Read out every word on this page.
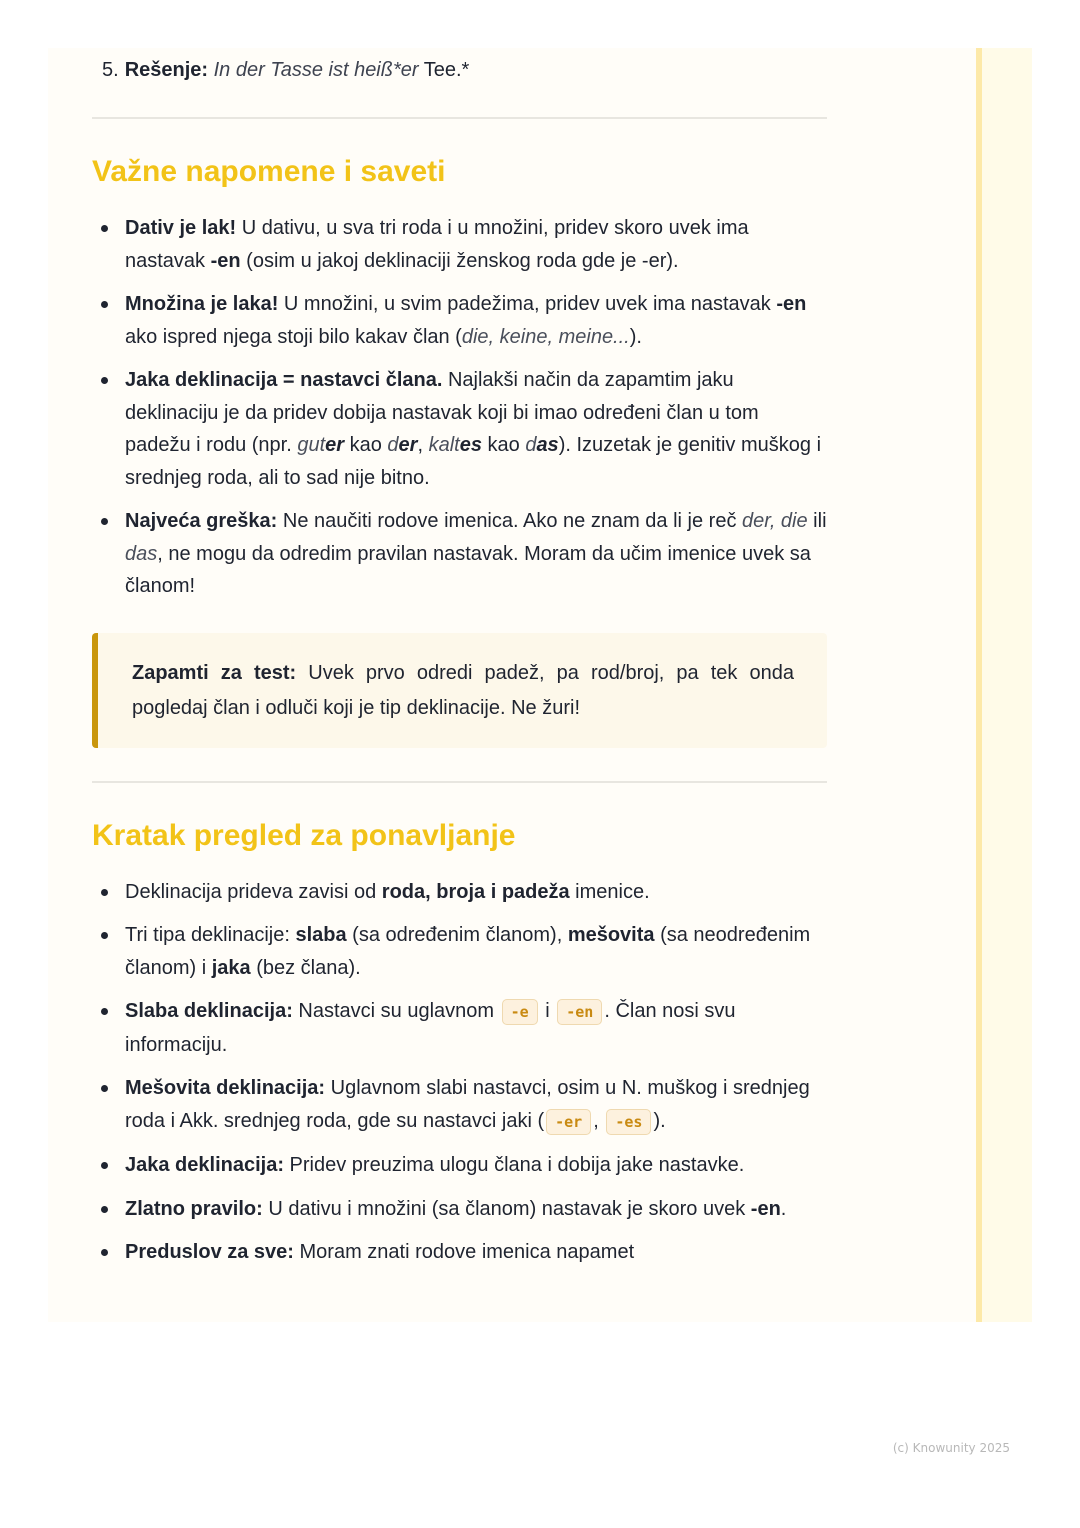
5. Rešenje: In der Tasse ist heiß*er Tee.*

Važne napomene i saveti
Dativ je lak! U dativu, u sva tri roda i u množini, pridev skoro uvek ima nastavak -en (osim u jakoj deklinaciji ženskog roda gde je -er).
Množina je laka! U množini, u svim padežima, pridev uvek ima nastavak -en ako ispred njega stoji bilo kakav član (die, keine, meine...).
Jaka deklinacija = nastavci člana. Najlakši način da zapamtim jaku deklinaciju je da pridev dobija nastavak koji bi imao određeni član u tom padežu i rodu (npr. guter kao der, kaltes kao das). Izuzetak je genitiv muškog i srednjeg roda, ali to sad nije bitno.
Najveća greška: Ne naučiti rodove imenica. Ako ne znam da li je reč der, die ili das, ne mogu da odredim pravilan nastavak. Moram da učim imenice uvek sa članom!
Zapamti za test: Uvek prvo odredi padež, pa rod/broj, pa tek onda pogledaj član i odluči koji je tip deklinacije. Ne žuri!
Kratak pregled za ponavljanje
Deklinacija prideva zavisi od roda, broja i padeža imenice.
Tri tipa deklinacije: slaba (sa određenim članom), mešovita (sa neodređenim članom) i jaka (bez člana).
Slaba deklinacija: Nastavci su uglavnom -e i -en . Član nosi svu informaciju.
Mešovita deklinacija: Uglavnom slabi nastavci, osim u N. muškog i srednjeg roda i Akk. srednjeg roda, gde su nastavci jaki ( -er , -es ).
Jaka deklinacija: Pridev preuzima ulogu člana i dobija jake nastavke.
Zlatno pravilo: U dativu i množini (sa članom) nastavak je skoro uvek -en.
Preduslov za sve: Moram znati rodove imenica napamet
(c) Knowunity 2025
